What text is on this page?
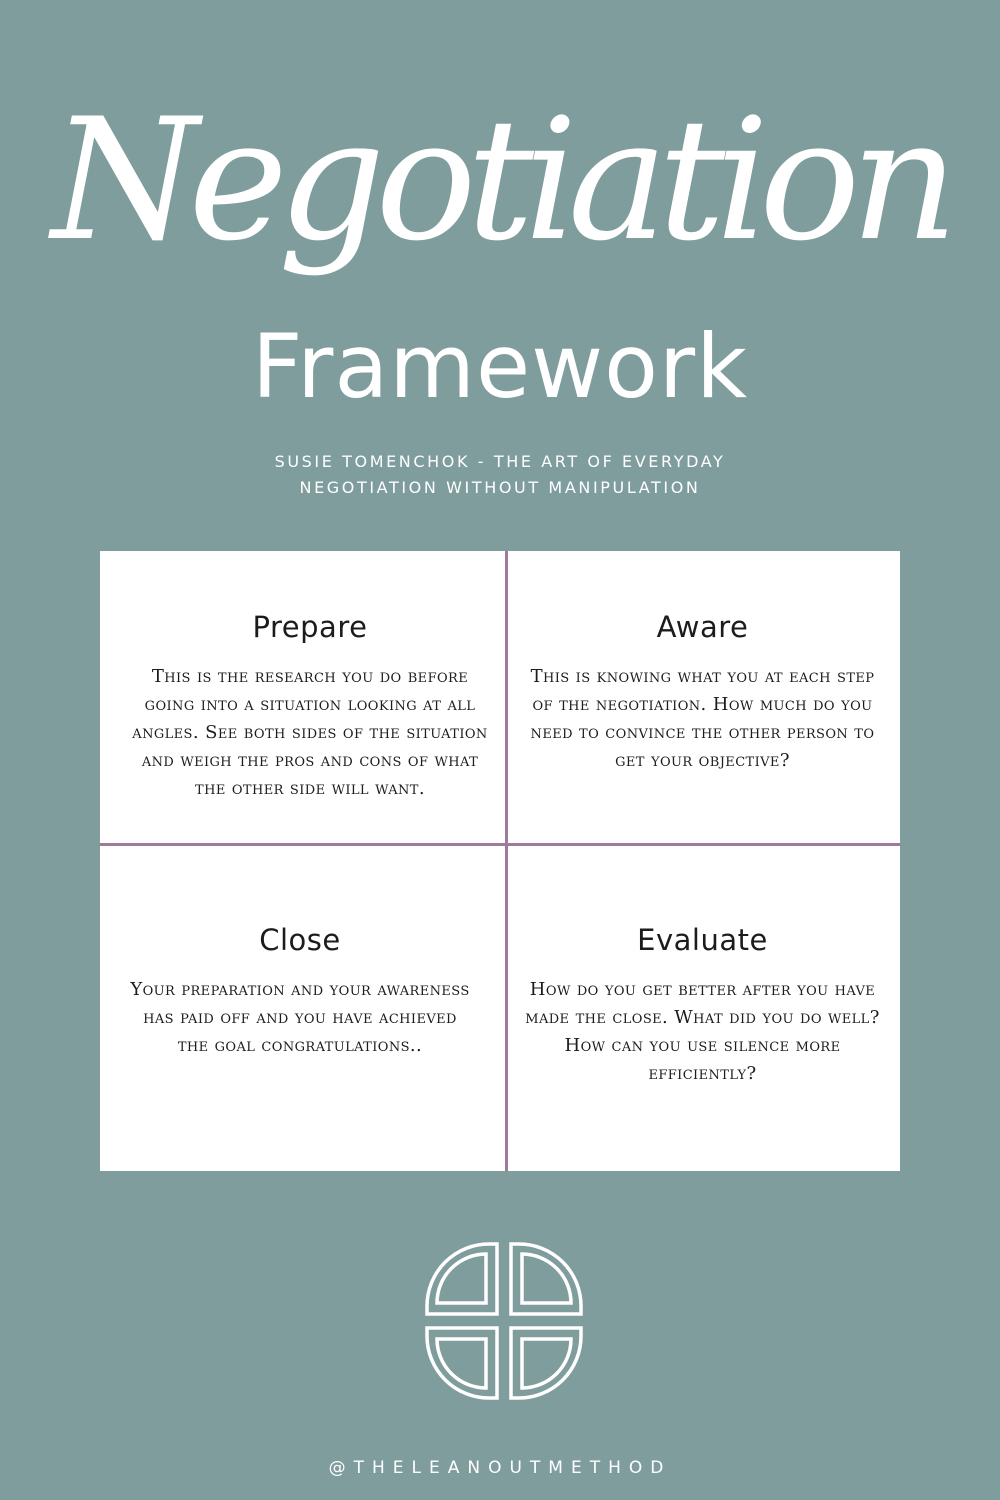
Negotiation
Framework
SUSIE TOMENCHOK - THE ART OF EVERYDAY
NEGOTIATION WITHOUT MANIPULATION
Prepare

This is the research you do before going into a situation looking at all angles. See both sides of the situation and weigh the pros and cons of what the other side will want.

Aware

This is knowing what you at each step of the negotiation. How much do you need to convince the other person to get your objective?

Close

Your preparation and your awareness has paid off and you have achieved the goal congratulations..

Evaluate

How do you get better after you have made the close. What did you do well? How can you use silence more efficiently?

@THELEANOUTMETHOD
